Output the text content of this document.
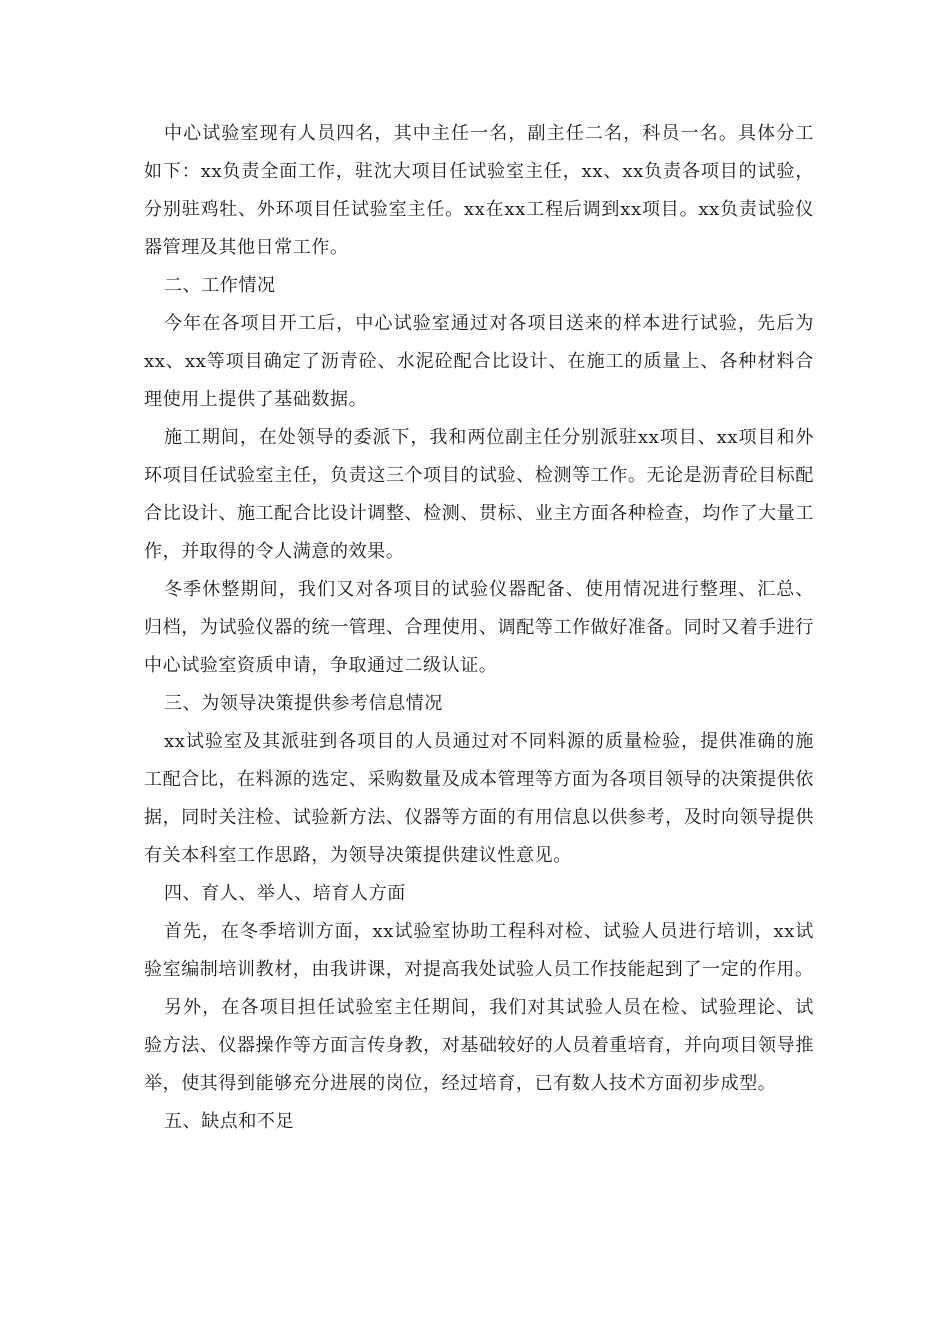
中心试验室现有人员四名，其中主任一名，副主任二名，科员一名。具体分工如下：xx负责全面工作，驻沈大项目任试验室主任，xx、xx负责各项目的试验，分别驻鸡牡、外环项目任试验室主任。xx在xx工程后调到xx项目。xx负责试验仪器管理及其他日常工作。

二、工作情况

今年在各项目开工后，中心试验室通过对各项目送来的样本进行试验，先后为xx、xx等项目确定了沥青砼、水泥砼配合比设计、在施工的质量上、各种材料合理使用上提供了基础数据。

施工期间，在处领导的委派下，我和两位副主任分别派驻xx项目、xx项目和外环项目任试验室主任，负责这三个项目的试验、检测等工作。无论是沥青砼目标配合比设计、施工配合比设计调整、检测、贯标、业主方面各种检查，均作了大量工作，并取得的令人满意的效果。

冬季休整期间，我们又对各项目的试验仪器配备、使用情况进行整理、汇总、归档，为试验仪器的统一管理、合理使用、调配等工作做好准备。同时又着手进行中心试验室资质申请，争取通过二级认证。

三、为领导决策提供参考信息情况

xx试验室及其派驻到各项目的人员通过对不同料源的质量检验，提供准确的施工配合比，在料源的选定、采购数量及成本管理等方面为各项目领导的决策提供依据，同时关注检、试验新方法、仪器等方面的有用信息以供参考，及时向领导提供有关本科室工作思路，为领导决策提供建议性意见。

四、育人、举人、培育人方面

首先，在冬季培训方面，xx试验室协助工程科对检、试验人员进行培训，xx试验室编制培训教材，由我讲课，对提高我处试验人员工作技能起到了一定的作用。

另外，在各项目担任试验室主任期间，我们对其试验人员在检、试验理论、试验方法、仪器操作等方面言传身教，对基础较好的人员着重培育，并向项目领导推举，使其得到能够充分进展的岗位，经过培育，已有数人技术方面初步成型。

五、缺点和不足
